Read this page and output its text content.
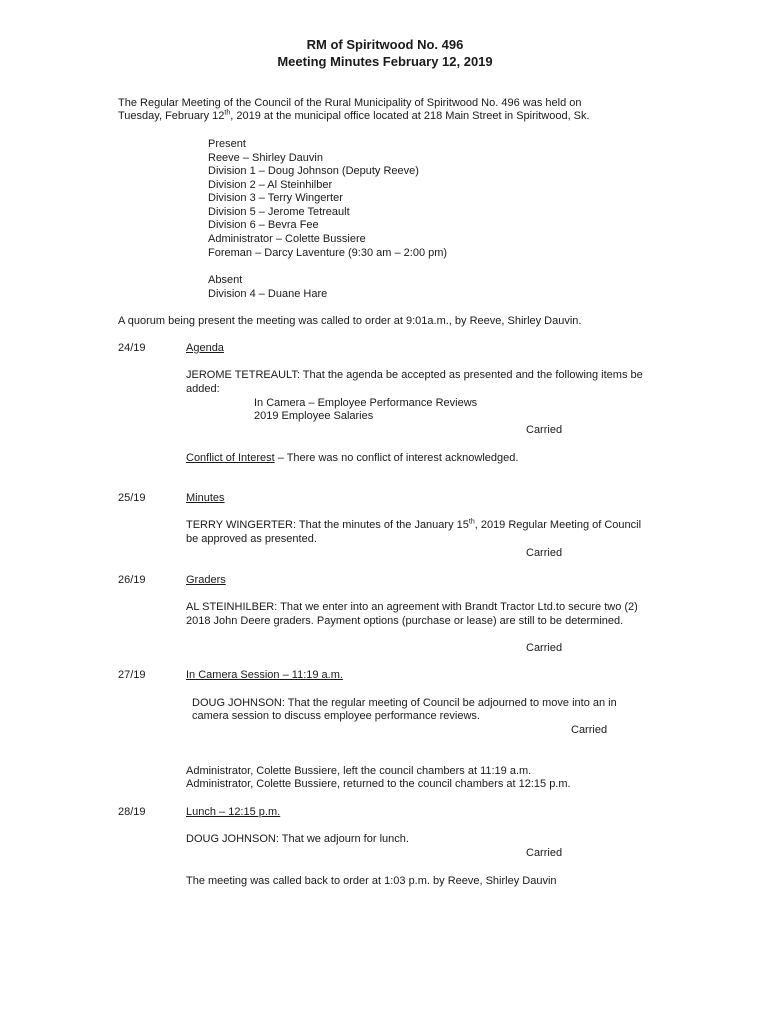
RM of Spiritwood No. 496
Meeting Minutes February 12, 2019
The Regular Meeting of the Council of the Rural Municipality of Spiritwood No. 496 was held on
Tuesday, February 12th, 2019 at the municipal office located at 218 Main Street in Spiritwood, Sk.
Present
Reeve – Shirley Dauvin
Division 1 – Doug Johnson (Deputy Reeve)
Division 2 – Al Steinhilber
Division 3 – Terry Wingerter
Division 5 – Jerome Tetreault
Division 6 – Bevra Fee
Administrator – Colette Bussiere
Foreman – Darcy Laventure (9:30 am – 2:00 pm)
Absent
Division 4 – Duane Hare
A quorum being present the meeting was called to order at 9:01a.m., by Reeve, Shirley Dauvin.
24/19	Agenda
JEROME TETREAULT: That the agenda be accepted as presented and the following items be
added:
In Camera – Employee Performance Reviews
2019 Employee Salaries
Carried
Conflict of Interest – There was no conflict of interest acknowledged.
25/19	Minutes
TERRY WINGERTER: That the minutes of the January 15th, 2019 Regular Meeting of Council
be approved as presented.
Carried
26/19	Graders
AL STEINHILBER: That we enter into an agreement with Brandt Tractor Ltd.to secure two (2)
2018 John Deere graders. Payment options (purchase or lease) are still to be determined.
Carried
27/19	In Camera Session – 11:19 a.m.
DOUG JOHNSON: That the regular meeting of Council be adjourned to move into an in
camera session to discuss employee performance reviews.
Carried
Administrator, Colette Bussiere, left the council chambers at 11:19 a.m.
Administrator, Colette Bussiere, returned to the council chambers at 12:15 p.m.
28/19	Lunch – 12:15 p.m.
DOUG JOHNSON: That we adjourn for lunch.
Carried
The meeting was called back to order at 1:03 p.m. by Reeve, Shirley Dauvin
